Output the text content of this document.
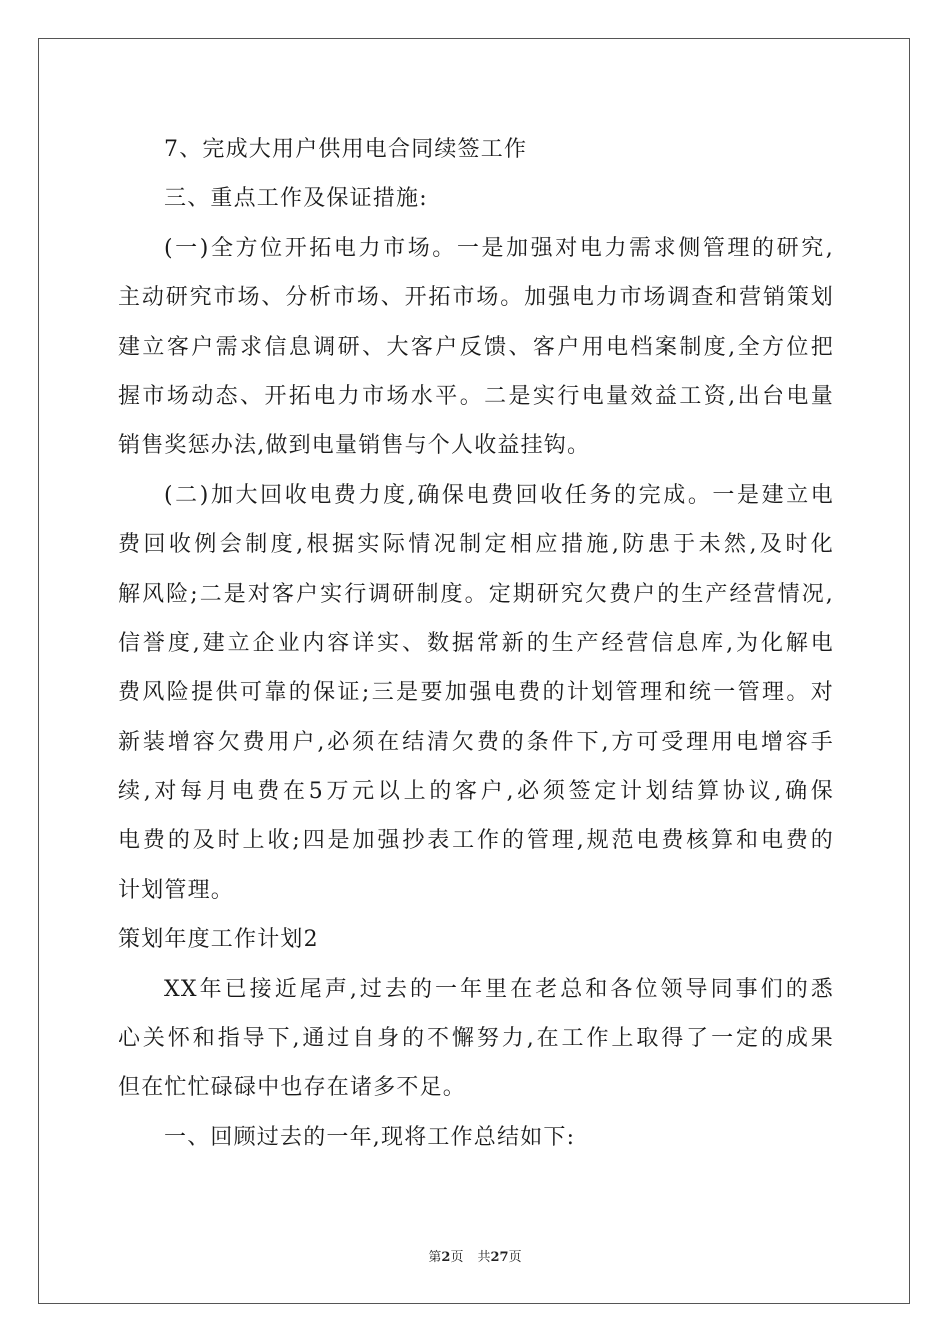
7、完成大用户供用电合同续签工作
三、重点工作及保证措施:
(一)全方位开拓电力市场。一是加强对电力需求侧管理的研究,
主动研究市场、分析市场、开拓市场。加强电力市场调查和营销策划
建立客户需求信息调研、大客户反馈、客户用电档案制度,全方位把
握市场动态、开拓电力市场水平。二是实行电量效益工资,出台电量
销售奖惩办法,做到电量销售与个人收益挂钩。
(二)加大回收电费力度,确保电费回收任务的完成。一是建立电
费回收例会制度,根据实际情况制定相应措施,防患于未然,及时化
解风险;二是对客户实行调研制度。定期研究欠费户的生产经营情况,
信誉度,建立企业内容详实、数据常新的生产经营信息库,为化解电
费风险提供可靠的保证;三是要加强电费的计划管理和统一管理。对
新装增容欠费用户,必须在结清欠费的条件下,方可受理用电增容手
续,对每月电费在5万元以上的客户,必须签定计划结算协议,确保
电费的及时上收;四是加强抄表工作的管理,规范电费核算和电费的
计划管理。
策划年度工作计划2
XX年已接近尾声,过去的一年里在老总和各位领导同事们的悉
心关怀和指导下,通过自身的不懈努力,在工作上取得了一定的成果
但在忙忙碌碌中也存在诸多不足。
一、回顾过去的一年,现将工作总结如下:
第2页 共27页
